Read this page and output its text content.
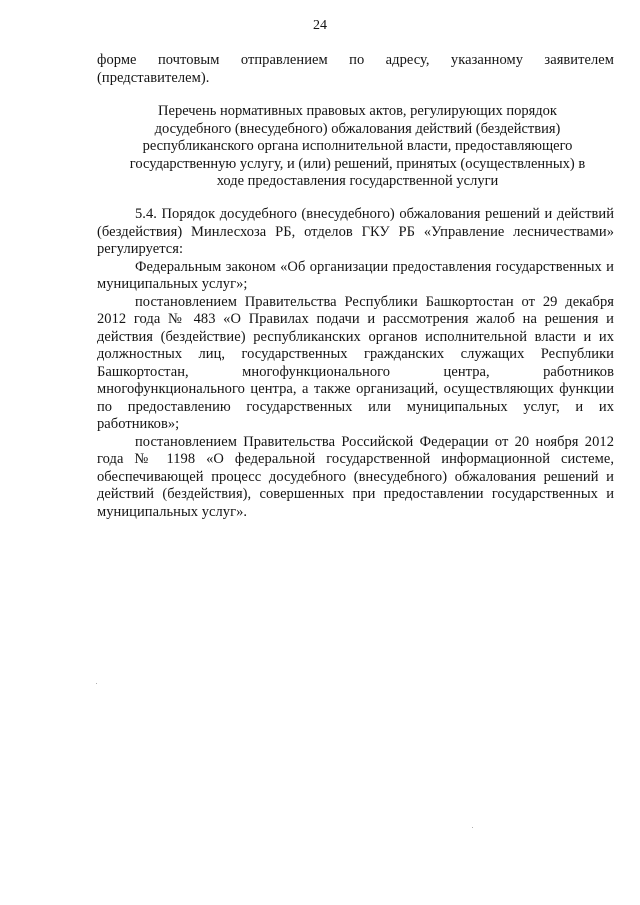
24

форме почтовым отправлением по адресу, указанному заявителем (представителем).

Перечень нормативных правовых актов, регулирующих порядок досудебного (внесудебного) обжалования действий (бездействия) республиканского органа исполнительной власти, предоставляющего государственную услугу, и (или) решений, принятых (осуществленных) в ходе предоставления государственной услуги

5.4. Порядок досудебного (внесудебного) обжалования решений и действий (бездействия) Минлесхоза РБ, отделов ГКУ РБ «Управление лесничествами» регулируется:

Федеральным законом «Об организации предоставления государственных и муниципальных услуг»;

постановлением Правительства Республики Башкортостан от 29 декабря 2012 года № 483 «О Правилах подачи и рассмотрения жалоб на решения и действия (бездействие) республиканских органов исполнительной власти и их должностных лиц, государственных гражданских служащих Республики Башкортостан, многофункционального центра, работников многофункционального центра, а также организаций, осуществляющих функции по предоставлению государственных или муниципальных услуг, и их работников»;

постановлением Правительства Российской Федерации от 20 ноября 2012 года № 1198 «О федеральной государственной информационной системе, обеспечивающей процесс досудебного (внесудебного) обжалования решений и действий (бездействия), совершенных при предоставлении государственных и муниципальных услуг».
